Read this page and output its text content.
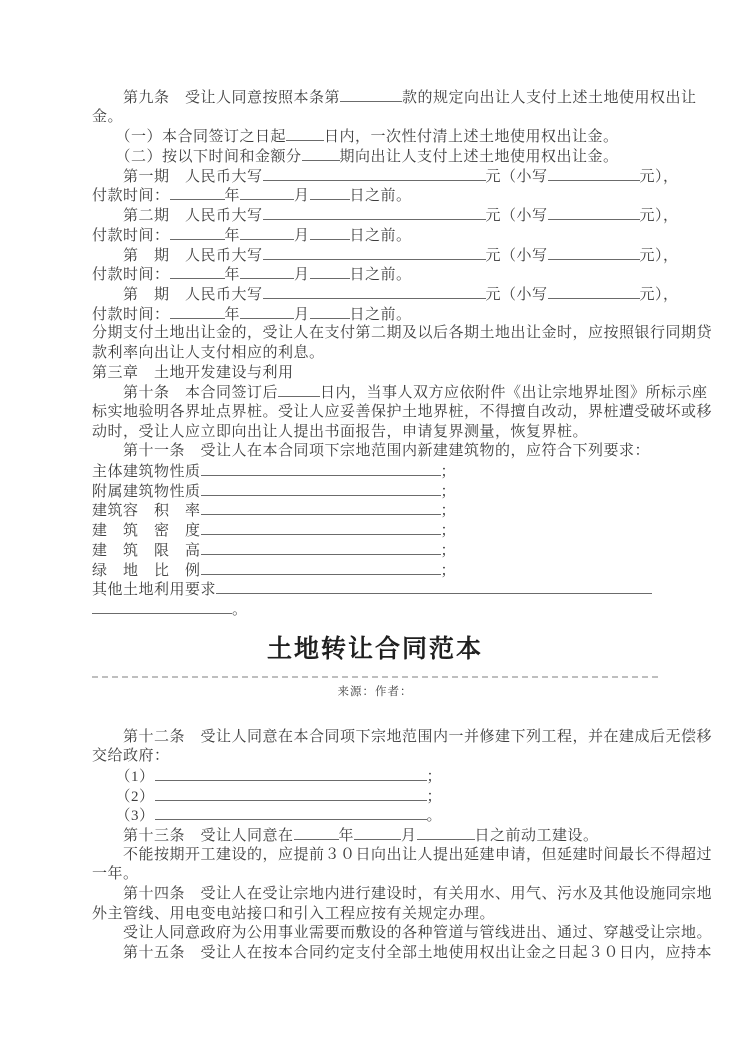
　　第九条　受让人同意按照本条第	款的规定向出让人支付上述土地使用权出让
金。
　　（一）本合同签订之日起	日内，一次性付清上述土地使用权出让金。
　　（二）按以下时间和金额分	期向出让人支付上述土地使用权出让金。
　　第一期　人民币大写	元（小写	元），
付款时间：	年	月	日之前。
　　第二期　人民币大写	元（小写	元），
付款时间：	年	月	日之前。
　　第　期　人民币大写	元（小写	元），
付款时间：	年	月	日之前。
　　第　期　人民币大写	元（小写	元），
付款时间：	年	月	日之前。
分期支付土地出让金的，受让人在支付第二期及以后各期土地出让金时，应按照银行同期贷
款利率向出让人支付相应的利息。
第三章　土地开发建设与利用
　　第十条　本合同签订后	日内，当事人双方应依附件《出让宗地界址图》所标示座
标实地验明各界址点界桩。受让人应妥善保护土地界桩，不得擅自改动，界桩遭受破坏或移
动时，受让人应立即向出让人提出书面报告，申请复界测量，恢复界桩。
　　第十一条　受让人在本合同项下宗地范围内新建建筑物的，应符合下列要求：
主体建筑物性质	；
附属建筑物性质	；
建筑容　积　率	；
建　筑　密　度	；
建　筑　限　高	；
绿　地　比　例	；
其他土地利用要求
。
土地转让合同范本
来源：作者：
　　第十二条　受让人同意在本合同项下宗地范围内一并修建下列工程，并在建成后无偿移
交给政府：
　　（1）	；
　　（2）	；
　　（3）	。
　　第十三条　受让人同意在	年	月	日之前动工建设。
　　不能按期开工建设的，应提前３０日向出让人提出延建申请，但延建时间最长不得超过
一年。
　　第十四条　受让人在受让宗地内进行建设时，有关用水、用气、污水及其他设施同宗地
外主管线、用电变电站接口和引入工程应按有关规定办理。
　　受让人同意政府为公用事业需要而敷设的各种管道与管线进出、通过、穿越受让宗地。
　　第十五条　受让人在按本合同约定支付全部土地使用权出让金之日起３０日内，应持本
